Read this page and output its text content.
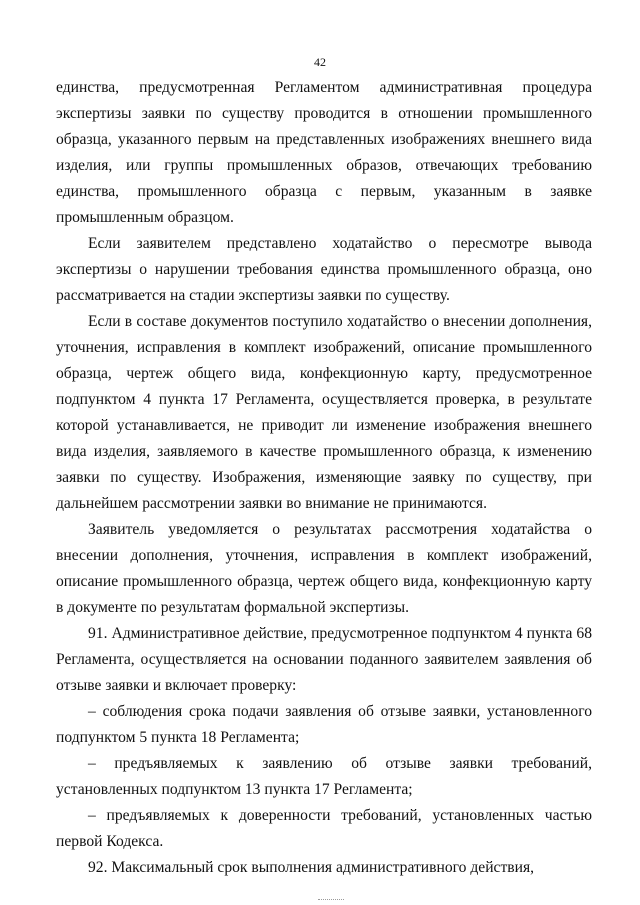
42

единства, предусмотренная Регламентом административная процедура экспертизы заявки по существу проводится в отношении промышленного образца, указанного первым на представленных изображениях внешнего вида изделия, или группы промышленных образов, отвечающих требованию единства, промышленного образца с первым, указанным в заявке промышленным образцом.

Если заявителем представлено ходатайство о пересмотре вывода экспертизы о нарушении требования единства промышленного образца, оно рассматривается на стадии экспертизы заявки по существу.

Если в составе документов поступило ходатайство о внесении дополнения, уточнения, исправления в комплект изображений, описание промышленного образца, чертеж общего вида, конфекционную карту, предусмотренное подпунктом 4 пункта 17 Регламента, осуществляется проверка, в результате которой устанавливается, не приводит ли изменение изображения внешнего вида изделия, заявляемого в качестве промышленного образца, к изменению заявки по существу. Изображения, изменяющие заявку по существу, при дальнейшем рассмотрении заявки во внимание не принимаются.

Заявитель уведомляется о результатах рассмотрения ходатайства о внесении дополнения, уточнения, исправления в комплект изображений, описание промышленного образца, чертеж общего вида, конфекционную карту в документе по результатам формальной экспертизы.

91. Административное действие, предусмотренное подпунктом 4 пункта 68 Регламента, осуществляется на основании поданного заявителем заявления об отзыве заявки и включает проверку:

– соблюдения срока подачи заявления об отзыве заявки, установленного подпунктом 5 пункта 18 Регламента;

– предъявляемых к заявлению об отзыве заявки требований, установленных подпунктом 13 пункта 17 Регламента;

– предъявляемых к доверенности требований, установленных частью первой Кодекса.

92. Максимальный срок выполнения административного действия,
